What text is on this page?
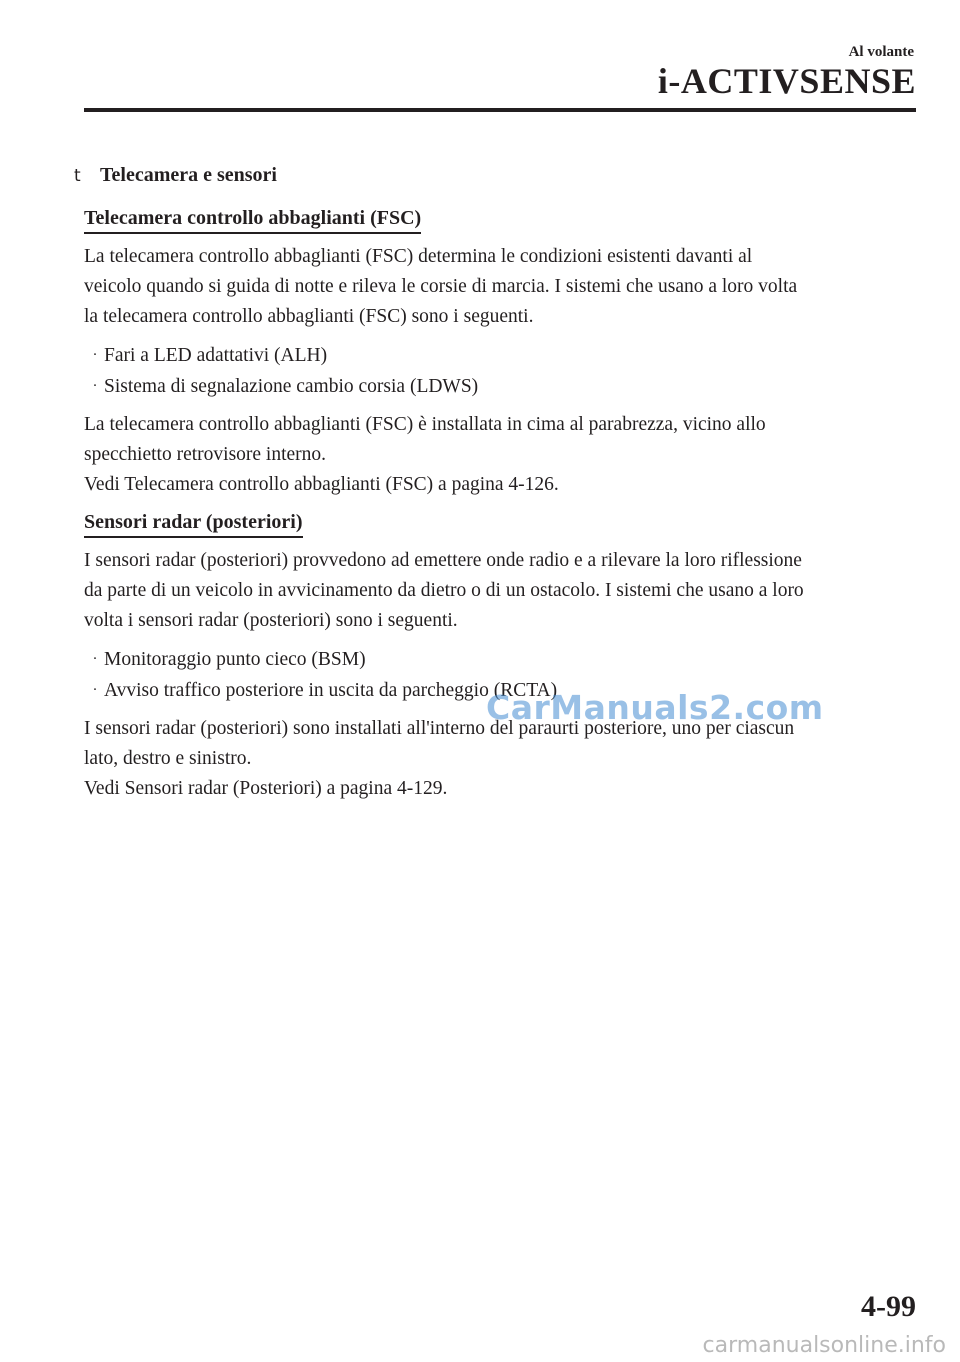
Al volante
i-ACTIVSENSE
t Telecamera e sensori
Telecamera controllo abbaglianti (FSC)

La telecamera controllo abbaglianti (FSC) determina le condizioni esistenti davanti al
veicolo quando si guida di notte e rileva le corsie di marcia. I sistemi che usano a loro volta
la telecamera controllo abbaglianti (FSC) sono i seguenti.

· Fari a LED adattativi (ALH)
· Sistema di segnalazione cambio corsia (LDWS)

La telecamera controllo abbaglianti (FSC) è installata in cima al parabrezza, vicino allo
specchietto retrovisore interno.
Vedi Telecamera controllo abbaglianti (FSC) a pagina 4-126.

Sensori radar (posteriori)

I sensori radar (posteriori) provvedono ad emettere onde radio e a rilevare la loro riflessione
da parte di un veicolo in avvicinamento da dietro o di un ostacolo. I sistemi che usano a loro
volta i sensori radar (posteriori) sono i seguenti.

· Monitoraggio punto cieco (BSM)
· Avviso traffico posteriore in uscita da parcheggio (RCTA)

I sensori radar (posteriori) sono installati all'interno del paraurti posteriore, uno per ciascun
lato, destro e sinistro.
Vedi Sensori radar (Posteriori) a pagina 4-129.

CarManuals2.com
4-99
carmanualsonline.info
